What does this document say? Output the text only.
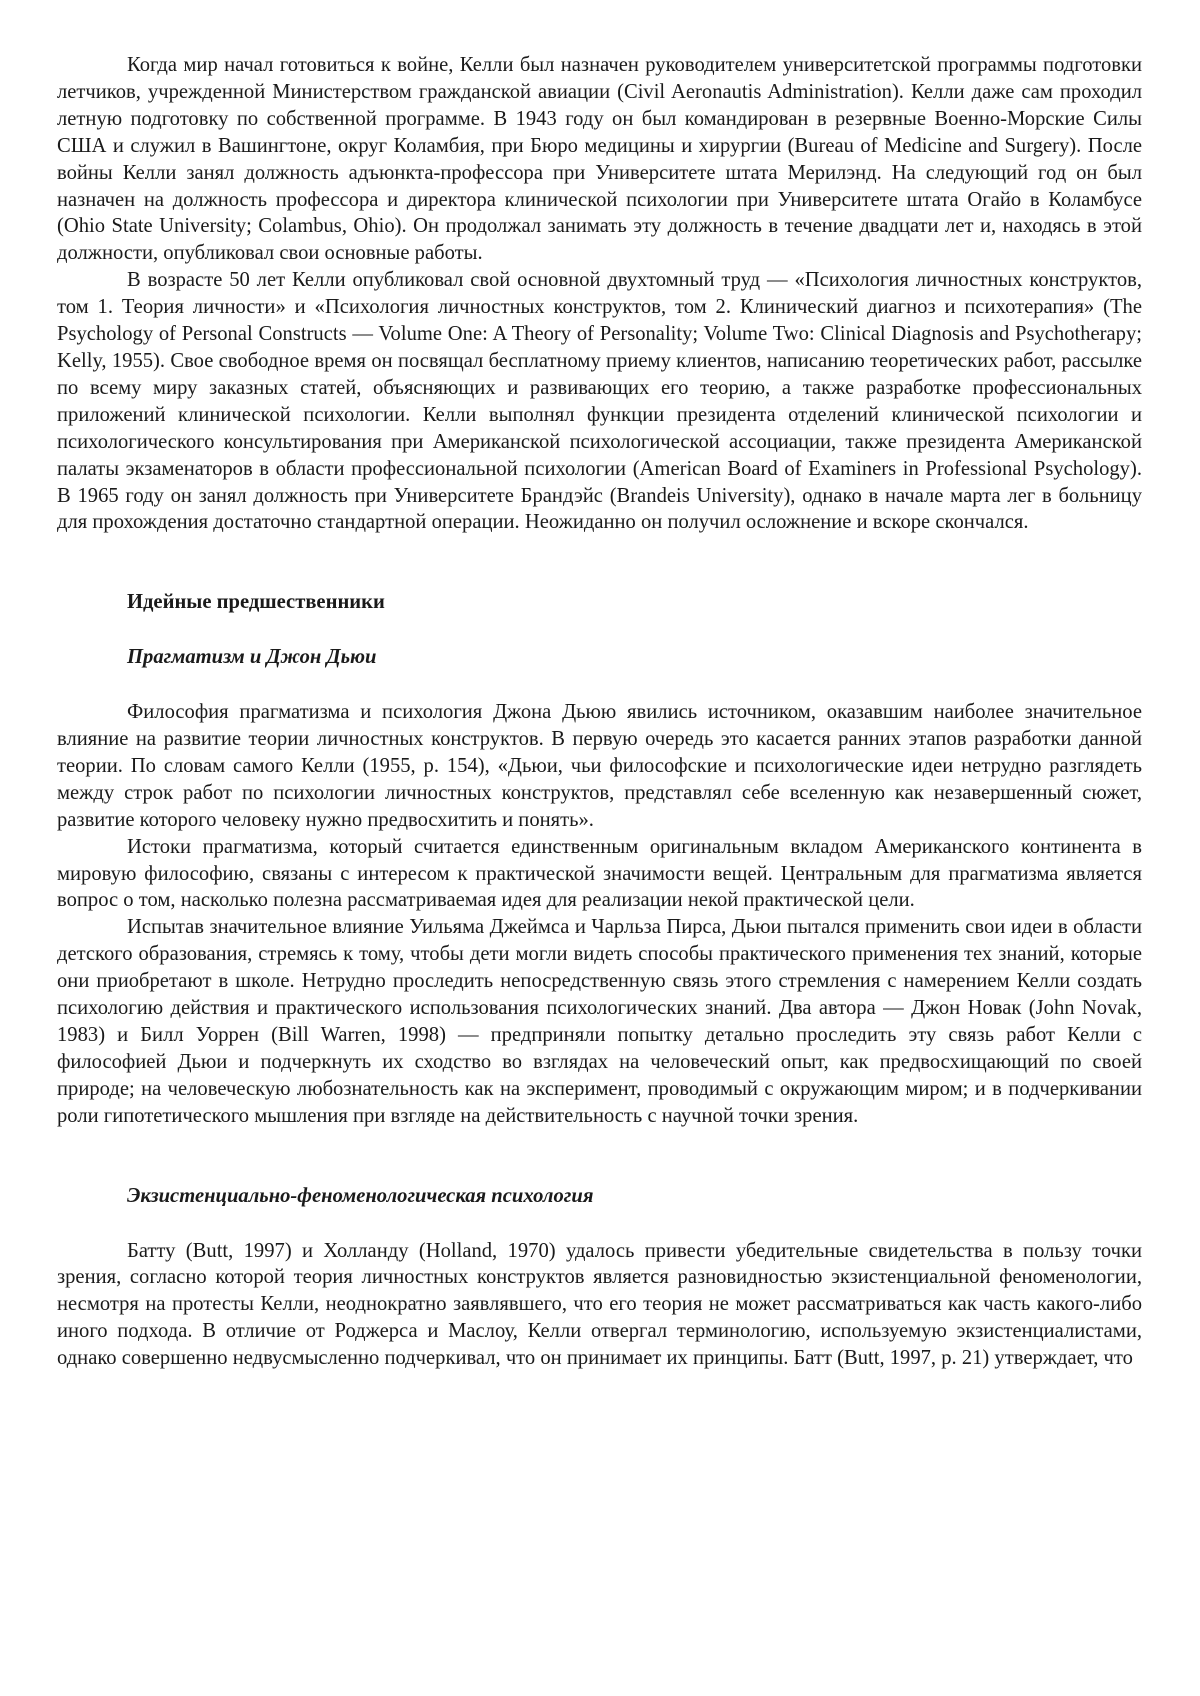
Когда мир начал готовиться к войне, Келли был назначен руководителем университетской программы подготовки летчиков, учрежденной Министерством гражданской авиации (Civil Aeronautis Administration). Келли даже сам проходил летную подготовку по собственной программе. В 1943 году он был командирован в резервные Военно-Морские Силы США и служил в Вашингтоне, округ Коламбия, при Бюро медицины и хирургии (Bureau of Medicine and Surgery). После войны Келли занял должность адъюнкта-профессора при Университете штата Мерилэнд. На следующий год он был назначен на должность профессора и директора клинической психологии при Университете штата Огайо в Коламбусе (Ohio State University; Colambus, Ohio). Он продолжал занимать эту должность в течение двадцати лет и, находясь в этой должности, опубликовал свои основные работы.

В возрасте 50 лет Келли опубликовал свой основной двухтомный труд — «Психология личностных конструктов, том 1. Теория личности» и «Психология личностных конструктов, том 2. Клинический диагноз и психотерапия» (The Psychology of Personal Constructs — Volume One: A Theory of Personality; Volume Two: Clinical Diagnosis and Psychotherapy; Kelly, 1955). Свое свободное время он посвящал бесплатному приему клиентов, написанию теоретических работ, рассылке по всему миру заказных статей, объясняющих и развивающих его теорию, а также разработке профессиональных приложений клинической психологии. Келли выполнял функции президента отделений клинической психологии и психологического консультирования при Американской психологической ассоциации, также президента Американской палаты экзаменаторов в области профессиональной психологии (American Board of Examiners in Professional Psychology). В 1965 году он занял должность при Университете Брандэйс (Brandeis University), однако в начале марта лег в больницу для прохождения достаточно стандартной операции. Неожиданно он получил осложнение и вскоре скончался.

Идейные предшественники
Прагматизм и Джон Дьюи

Философия прагматизма и психология Джона Дьюю явились источником, оказавшим наиболее значительное влияние на развитие теории личностных конструктов. В первую очередь это касается ранних этапов разработки данной теории. По словам самого Келли (1955, p. 154), «Дьюи, чьи философские и психологические идеи нетрудно разглядеть между строк работ по психологии личностных конструктов, представлял себе вселенную как незавершенный сюжет, развитие которого человеку нужно предвосхитить и понять».

Истоки прагматизма, который считается единственным оригинальным вкладом Американского континента в мировую философию, связаны с интересом к практической значимости вещей. Центральным для прагматизма является вопрос о том, насколько полезна рассматриваемая идея для реализации некой практической цели.

Испытав значительное влияние Уильяма Джеймса и Чарльза Пирса, Дьюи пытался применить свои идеи в области детского образования, стремясь к тому, чтобы дети могли видеть способы практического применения тех знаний, которые они приобретают в школе. Нетрудно проследить непосредственную связь этого стремления с намерением Келли создать психологию действия и практического использования психологических знаний. Два автора — Джон Новак (John Novak, 1983) и Билл Уоррен (Bill Warren, 1998) — предприняли попытку детально проследить эту связь работ Келли с философией Дьюи и подчеркнуть их сходство во взглядах на человеческий опыт, как предвосхищающий по своей природе; на человеческую любознательность как на эксперимент, проводимый с окружающим миром; и в подчеркивании роли гипотетического мышления при взгляде на действительность с научной точки зрения.

Экзистенциально-феноменологическая психология

Батту (Butt, 1997) и Холланду (Holland, 1970) удалось привести убедительные свидетельства в пользу точки зрения, согласно которой теория личностных конструктов является разновидностью экзистенциальной феноменологии, несмотря на протесты Келли, неоднократно заявлявшего, что его теория не может рассматриваться как часть какого-либо иного подхода. В отличие от Роджерса и Маслоу, Келли отвергал терминологию, используемую экзистенциалистами, однако совершенно недвусмысленно подчеркивал, что он принимает их принципы. Батт (Butt, 1997, p. 21) утверждает, что
